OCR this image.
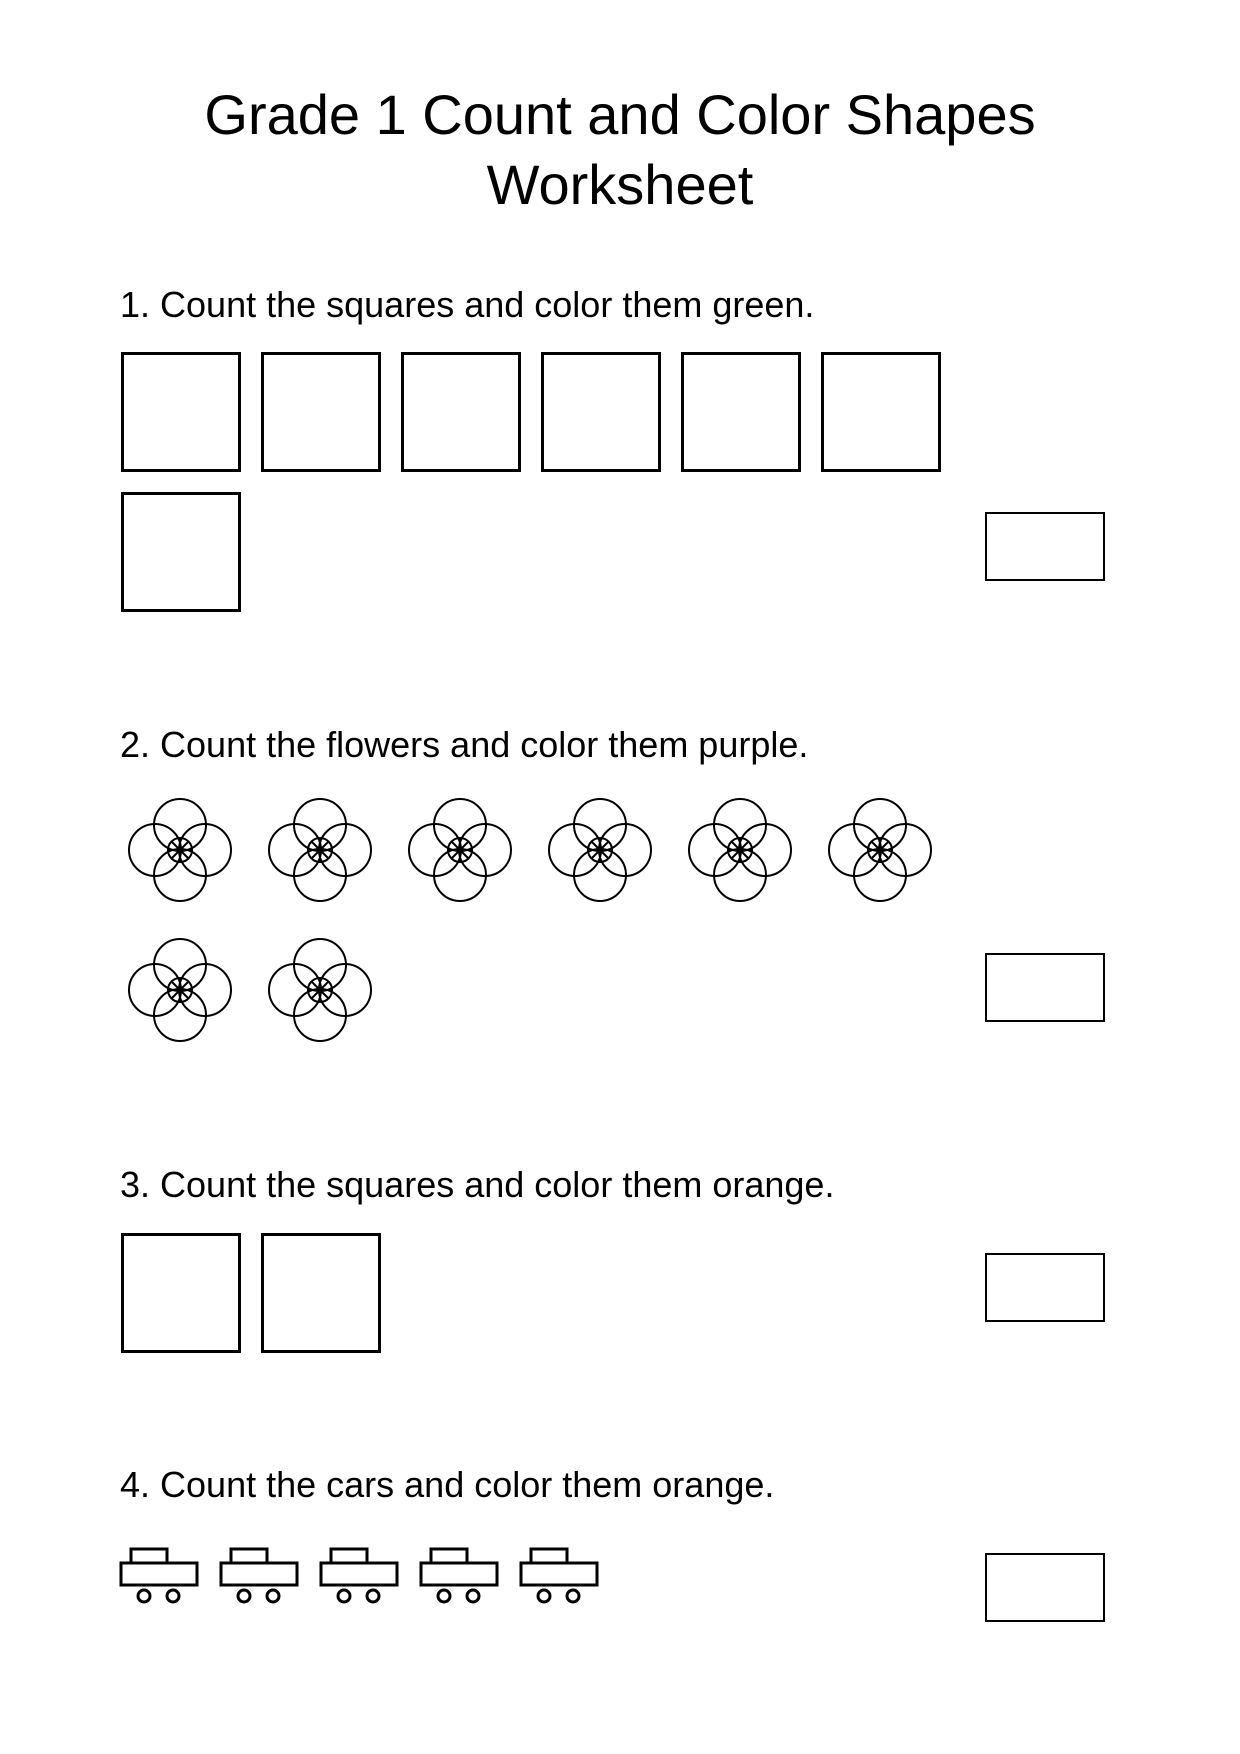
Grade 1 Count and Color Shapes
Worksheet
1. Count the squares and color them green.
2. Count the flowers and color them purple.
3. Count the squares and color them orange.
4. Count the cars and color them orange.
